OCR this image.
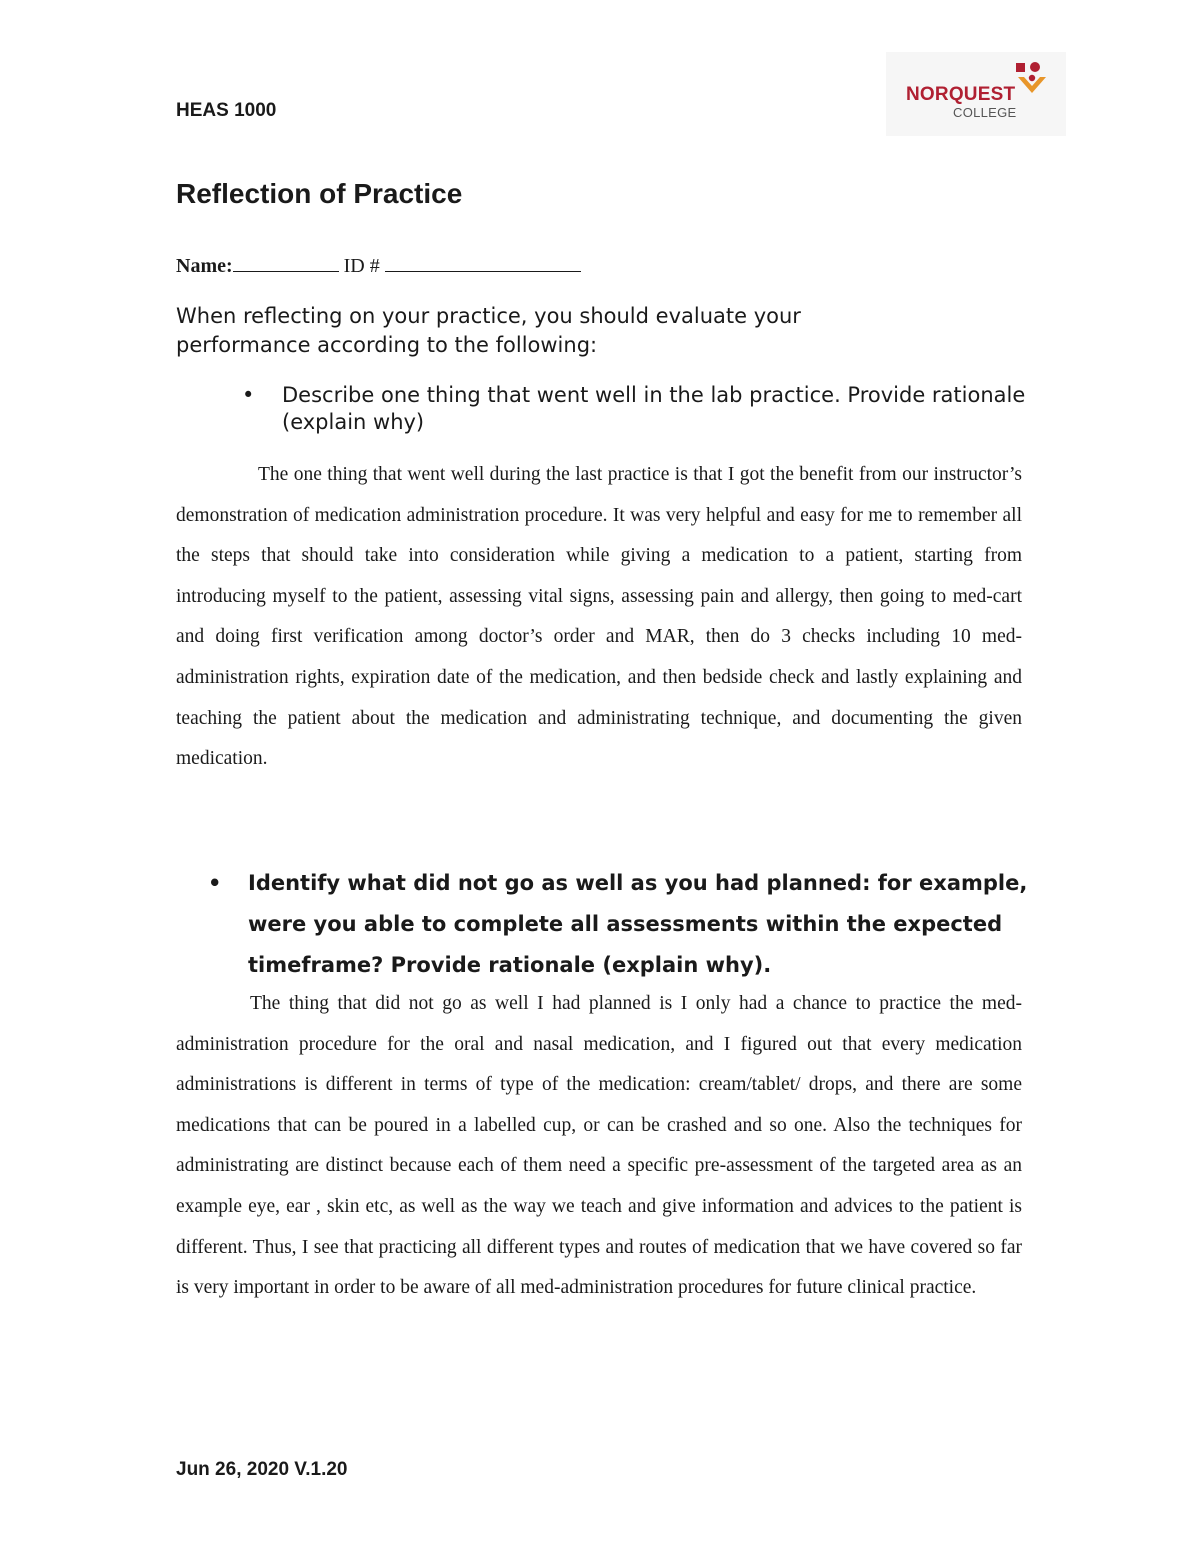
HEAS 1000
NORQUEST
COLLEGE
Reflection of Practice
Name:	ID #
When reflecting on your practice, you should evaluate your performance according to the following:
•	Describe one thing that went well in the lab practice. Provide rationale (explain why)
The one thing that went well during the last practice is that I got the benefit from our instructor’s demonstration of medication administration procedure. It was very helpful and easy for me to remember all the steps that should take into consideration while giving a medication to a patient, starting from introducing myself to the patient, assessing vital signs, assessing pain and allergy, then going to med-cart and doing first verification among doctor’s order and MAR, then do 3 checks including 10 med-administration rights, expiration date of the medication, and then bedside check and lastly explaining and teaching the patient about the medication and administrating technique, and documenting the given medication.
•	Identify what did not go as well as you had planned: for example, were you able to complete all assessments within the expected timeframe? Provide rationale (explain why).
The thing that did not go as well I had planned is I only had a chance to practice the med-administration procedure for the oral and nasal medication, and I figured out that every medication administrations is different in terms of type of the medication: cream/tablet/ drops, and there are some medications that can be poured in a labelled cup, or can be crashed and so one. Also the techniques for administrating are distinct because each of them need a specific pre-assessment of the targeted area as an example eye, ear , skin etc, as well as the way we teach and give information and advices to the patient is different. Thus, I see that practicing all different types and routes of medication that we have covered so far is very important in order to be aware of all med-administration procedures for future clinical practice.
Jun 26, 2020 V.1.20
